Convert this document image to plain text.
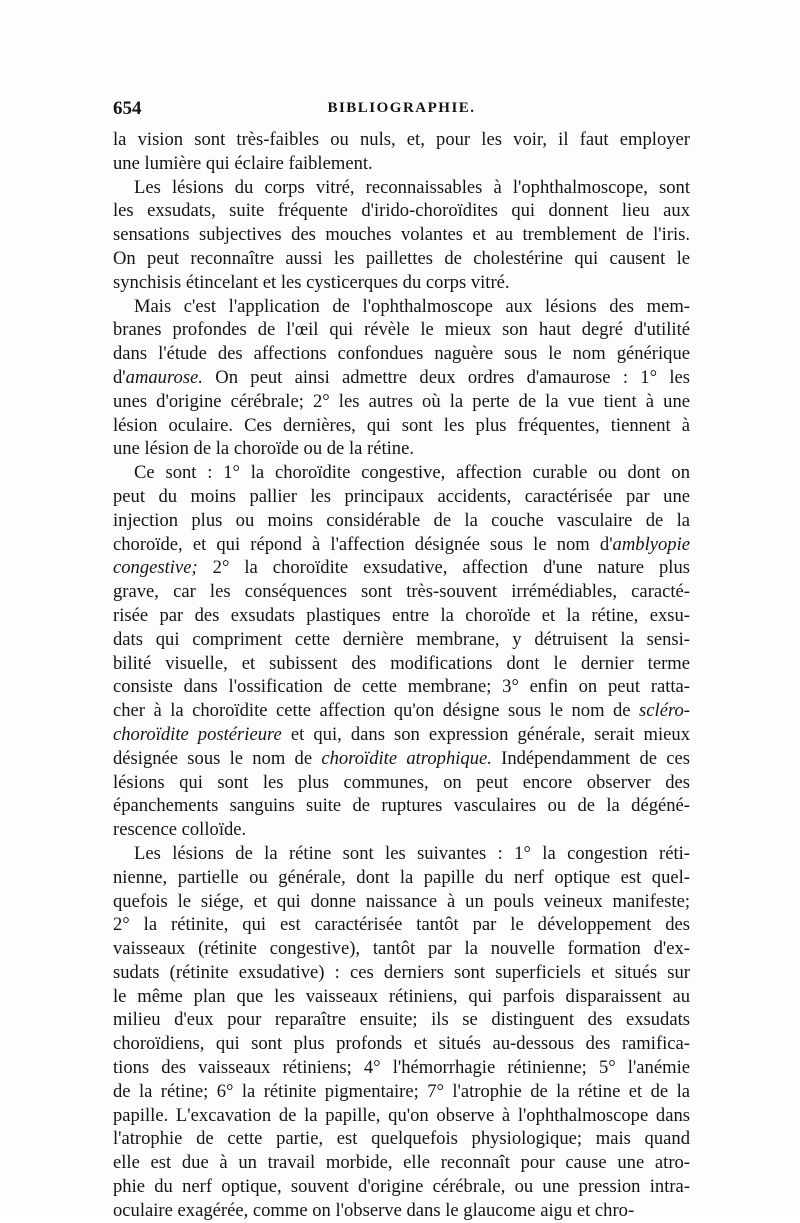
654	BIBLIOGRAPHIE.
la vision sont très-faibles ou nuls, et, pour les voir, il faut employer
une lumière qui éclaire faiblement.
Les lésions du corps vitré, reconnaissables à l'ophthalmoscope, sont
les exsudats, suite fréquente d'irido-choroïdites qui donnent lieu aux
sensations subjectives des mouches volantes et au tremblement de l'iris.
On peut reconnaître aussi les paillettes de cholestérine qui causent le
synchisis étincelant et les cysticerques du corps vitré.
Mais c'est l'application de l'ophthalmoscope aux lésions des mem-
branes profondes de l'œil qui révèle le mieux son haut degré d'utilité
dans l'étude des affections confondues naguère sous le nom générique
d'amaurose. On peut ainsi admettre deux ordres d'amaurose : 1° les
unes d'origine cérébrale; 2° les autres où la perte de la vue tient à une
lésion oculaire. Ces dernières, qui sont les plus fréquentes, tiennent à
une lésion de la choroïde ou de la rétine.
Ce sont : 1° la choroïdite congestive, affection curable ou dont on
peut du moins pallier les principaux accidents, caractérisée par une
injection plus ou moins considérable de la couche vasculaire de la
choroïde, et qui répond à l'affection désignée sous le nom d'amblyopie
congestive; 2° la choroïdite exsudative, affection d'une nature plus
grave, car les conséquences sont très-souvent irrémédiables, caracté-
risée par des exsudats plastiques entre la choroïde et la rétine, exsu-
dats qui compriment cette dernière membrane, y détruisent la sensi-
bilité visuelle, et subissent des modifications dont le dernier terme
consiste dans l'ossification de cette membrane; 3° enfin on peut ratta-
cher à la choroïdite cette affection qu'on désigne sous le nom de scléro-
choroïdite postérieure et qui, dans son expression générale, serait mieux
désignée sous le nom de choroïdite atrophique. Indépendamment de ces
lésions qui sont les plus communes, on peut encore observer des
épanchements sanguins suite de ruptures vasculaires ou de la dégéné-
rescence colloïde.
Les lésions de la rétine sont les suivantes : 1° la congestion réti-
nienne, partielle ou générale, dont la papille du nerf optique est quel-
quefois le siége, et qui donne naissance à un pouls veineux manifeste;
2° la rétinite, qui est caractérisée tantôt par le développement des
vaisseaux (rétinite congestive), tantôt par la nouvelle formation d'ex-
sudats (rétinite exsudative) : ces derniers sont superficiels et situés sur
le même plan que les vaisseaux rétiniens, qui parfois disparaissent au
milieu d'eux pour reparaître ensuite; ils se distinguent des exsudats
choroïdiens, qui sont plus profonds et situés au-dessous des ramifica-
tions des vaisseaux rétiniens; 4° l'hémorrhagie rétinienne; 5° l'anémie
de la rétine; 6° la rétinite pigmentaire; 7° l'atrophie de la rétine et de la
papille. L'excavation de la papille, qu'on observe à l'ophthalmoscope dans
l'atrophie de cette partie, est quelquefois physiologique; mais quand
elle est due à un travail morbide, elle reconnaît pour cause une atro-
phie du nerf optique, souvent d'origine cérébrale, ou une pression intra-
oculaire exagérée, comme on l'observe dans le glaucome aigu et chro-
